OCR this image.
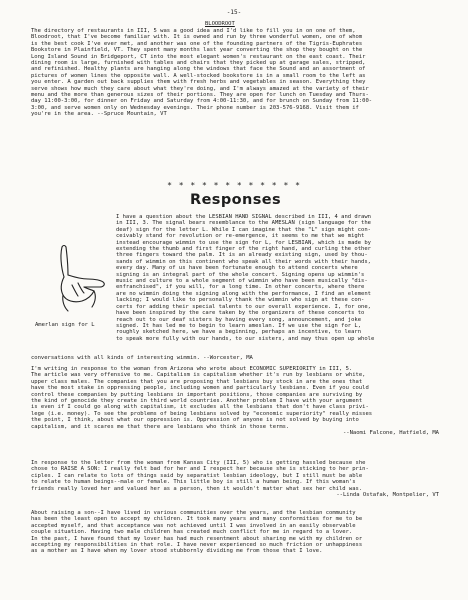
-15-
BLOODROOT
The directory of restaurants in III, 5 was a good idea and I'd like to fill you in on one of them,
Bloodroot, that I've become familiar with. It is owned and run by three wonderful women, one of whom
is the best cook I've ever met, and another was one of the founding partners of the Tigris-Euphrates
Bookstore in Plainfield, VT. They spent many months last year converting the shop they bought on the
Long Island Sound in Bridgeport, CT into the most elegant women's restaurant on the east coast. Their
dining room is large, furnished with tables and chairs that they picked up at garage sales, stripped,
and refinished. Healthy plants are hanging along the windows that face the Sound and an assortment of
pictures of women lines the opposite wall. A well-stocked bookstore is in a small room to the left as
you enter. A garden out back supplies them with fresh herbs and vegetables in season. Everything they
serve shows how much they care about what they're doing, and I'm always amazed at the variety of their
menu and the more than generous sizes of their portions. They are open for lunch on Tuesday and Thurs-
day 11:00-3:00, for dinner on Friday and Saturday from 4:00-11:30, and for brunch on Sunday from 11:00-
3:00, and serve women only on Wednesday evenings. Their phone number is 203-576-9168. Visit them if
you're in the area. --Spruce Mountain, VT
* * * * * * * * * * * *
Responses
Amerlan sign for L
I have a question about the LESBIAN HAND SIGNAL described in III, 4 and drawn
in III, 3. The signal bears resemblance to the AMESLAN (sign language for the
deaf) sign for the letter L. While I can imagine that the "L" sign might con-
ceivably stand for revolution or re-emergence, it seems to me that we might
instead encourage wimmin to use the sign for L, for LESBIAN, which is made by
extending the thumb and first finger of the right hand, and curling the other
three fingers toward the palm. It is an already existing sign, used by thou-
sands of wimmin on this continent who speak all their words with their hands,
every day. Many of us have been fortunate enough to attend concerts where
signing is an integral part of the whole concert. Signing opens up wimmin's
music and culture to a whole segment of wimmin who have been musically "dis-
enfranchised", if you will, for a long time. In other concerts, where there
are no wimmin doing the signing along with the performance, I find an element
lacking; I would like to personally thank the wimmin who sign at these con-
certs for adding their special talents to our overall experience. I, for one,
have been inspired by the care taken by the organizers of these concerts to
reach out to our deaf sisters by having every song, announcement, and joke
signed. It has led me to begin to learn ameslan. If we use the sign for L,
roughly sketched here, we have a beginning, perhaps an incentive, to learn
to speak more fully with our hands, to our sisters, and may thus open up whole
conversations with all kinds of interesting wimmin. --Worcester, MA
I'm writing in response to the woman from Arizona who wrote about ECONOMIC SUPERIORITY in III, 5.
The article was very offensive to me. Capitalism is capitalism whether it's run by lesbians or white,
upper class males. The companies that you are proposing that lesbians buy stock in are the ones that
have the most stake in oppressing people, including women and particularly lesbians. Even if you could
control these companies by putting lesbians in important positions, those companies are surviving by
the kind of genocide they create in third world countries. Another problem I have with your argument
is even if I could go along with capitalism, it excludes all the lesbians that don't have class privi-
lege (i.e. money). To see the problems of being lesbians solved by "economic superiority" really misses
the point, I think, about what our oppression is. Oppression of anyone is not solved by buying into
capitalism, and it scares me that there are lesbians who think in those terms.
--Naomi Falcone, Hatfield, MA
In response to the letter from the woman from Kansas City (III, 5) who is getting hassled because she
chose to RAISE A SON: I really felt bad for her and I respect her because she is sticking to her prin-
ciples. I can relate to lots of things said by separatist lesbian ideology, but I still must be able
to relate to human beings--male or female. This little boy is still a human being. If this woman's
friends really loved her and valued her as a person, then it wouldn't matter what sex her child was.
--Linda Ostafak, Montpelier, VT
About raising a son--I have lived in various communities over the years, and the lesbian community
has been the least open to accept my children. It took many years and many conformities for me to be
accepted myself, and that acceptance was not achieved until I was involved in an easily observable
couple situation. Having two male children has created much conflict for me in regard to a lover.
In the past, I have found that my lover has had much resentment about sharing me with my children or
accepting my responsibilities in that role. I have never experienced so much friction or unhappiness
as a mother as I have when my lover stood stubbornly dividing me from those that I love.
